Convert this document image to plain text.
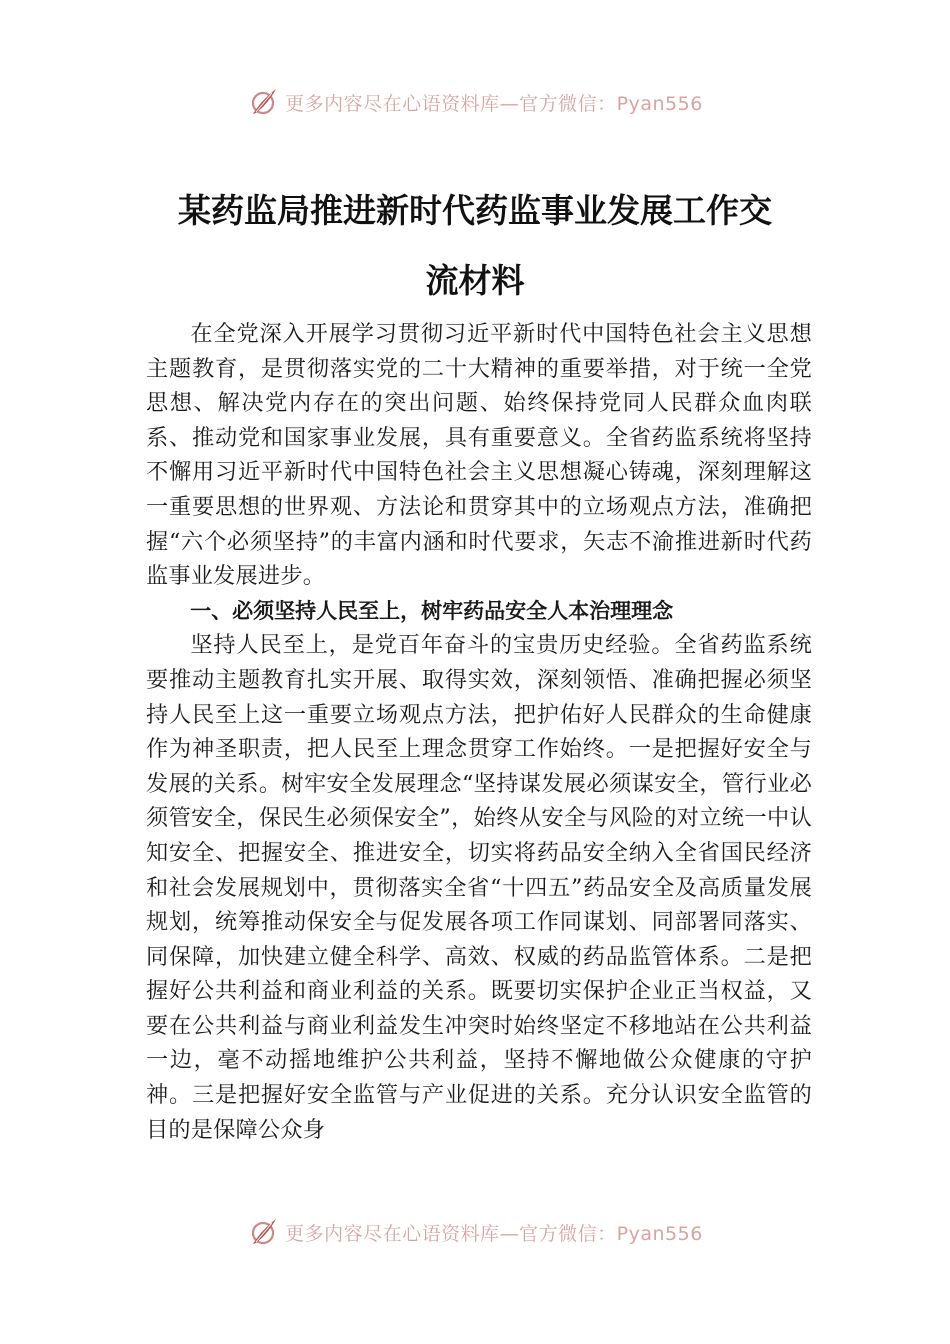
更多内容尽在心语资料库—官方微信：Pyan556
某药监局推进新时代药监事业发展工作交
流材料

在全党深入开展学习贯彻习近平新时代中国特色社会主义思想主题教育，是贯彻落实党的二十大精神的重要举措，对于统一全党思想、解决党内存在的突出问题、始终保持党同人民群众血肉联系、推动党和国家事业发展，具有重要意义。全省药监系统将坚持不懈用习近平新时代中国特色社会主义思想凝心铸魂，深刻理解这一重要思想的世界观、方法论和贯穿其中的立场观点方法，准确把握“六个必须坚持”的丰富内涵和时代要求，矢志不渝推进新时代药监事业发展进步。

一、必须坚持人民至上，树牢药品安全人本治理理念

坚持人民至上，是党百年奋斗的宝贵历史经验。全省药监系统要推动主题教育扎实开展、取得实效，深刻领悟、准确把握必须坚持人民至上这一重要立场观点方法，把护佑好人民群众的生命健康作为神圣职责，把人民至上理念贯穿工作始终。一是把握好安全与发展的关系。树牢安全发展理念“坚持谋发展必须谋安全，管行业必须管安全，保民生必须保安全”，始终从安全与风险的对立统一中认知安全、把握安全、推进安全，切实将药品安全纳入全省国民经济和社会发展规划中，贯彻落实全省“十四五”药品安全及高质量发展规划，统筹推动保安全与促发展各项工作同谋划、同部署同落实、同保障，加快建立健全科学、高效、权威的药品监管体系。二是把握好公共利益和商业利益的关系。既要切实保护企业正当权益，又要在公共利益与商业利益发生冲突时始终坚定不移地站在公共利益一边，毫不动摇地维护公共利益，坚持不懈地做公众健康的守护神。三是把握好安全监管与产业促进的关系。充分认识安全监管的目的是保障公众身

更多内容尽在心语资料库—官方微信：Pyan556
